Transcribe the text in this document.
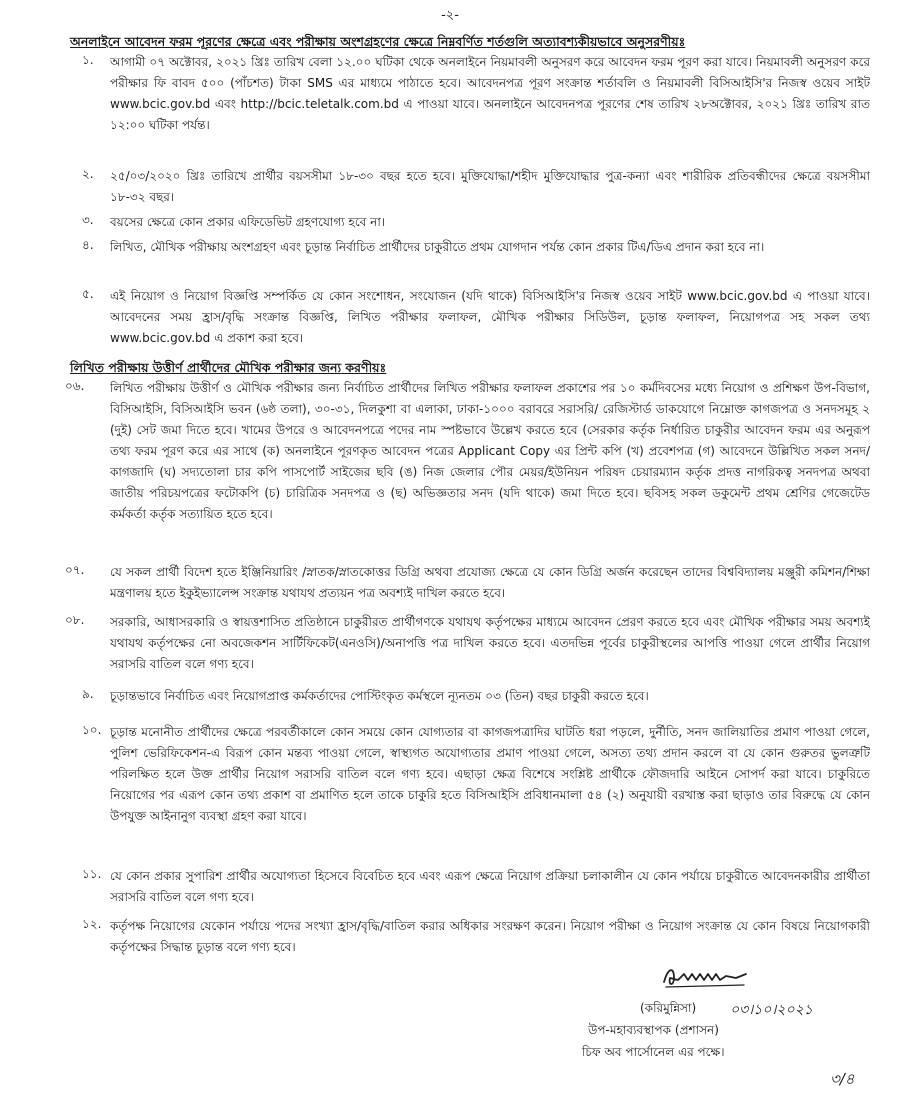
-২-
অনলাইনে আবেদন ফরম পূরণের ক্ষেত্রে এবং পরীক্ষায় অংশগ্রহণের ক্ষেত্রে নিম্নবর্ণিত শর্তগুলি অত্যাবশ্যকীয়ভাবে অনুসরণীয়ঃ
১. আগামী ০৭ অক্টোবর, ২০২১ খ্রিঃ তারিখ বেলা ১২.০০ ঘটিকা থেকে অনলাইনে নিয়মাবলী অনুসরণ করে আবেদন ফরম পূরণ করা যাবে। নিয়মাবলী অনুসরণ করে পরীক্ষার ফি বাবদ ৫০০ (পাঁচশত) টাকা SMS এর মাধ্যমে পাঠাতে হবে। আবেদনপত্র পূরণ সংক্রান্ত শর্তাবলি ও নিয়মাবলী বিসিআইসি'র নিজস্ব ওয়েব সাইট www.bcic.gov.bd এবং http://bcic.teletalk.com.bd এ পাওয়া যাবে। অনলাইনে আবেদনপত্র পূরণের শেষ তারিখ ২৮অক্টোবর, ২০২১ খ্রিঃ তারিখ রাত ১২:০০ ঘটিকা পর্যন্ত।
২. ২৫/০৩/২০২০ খ্রিঃ তারিখে প্রার্থীর বয়সসীমা ১৮-৩০ বছর হতে হবে। মুক্তিযোদ্ধা/শহীদ মুক্তিযোদ্ধার পুত্র-কন্যা এবং শারীরিক প্রতিবন্ধীদের ক্ষেত্রে বয়সসীমা ১৮-৩২ বছর।
৩. বয়সের ক্ষেত্রে কোন প্রকার এফিডেভিট গ্রহণযোগ্য হবে না।
৪. লিখিত, মৌখিক পরীক্ষায় অংশগ্রহণ এবং চূড়ান্ত নির্বাচিত প্রার্থীদের চাকুরীতে প্রথম যোগদান পর্যন্ত কোন প্রকার টিএ/ডিএ প্রদান করা হবে না।
৫. এই নিয়োগ ও নিয়োগ বিজ্ঞপ্তি সম্পর্কিত যে কোন সংশোধন, সংযোজন (যদি থাকে) বিসিআইসি'র নিজস্ব ওয়েব সাইট www.bcic.gov.bd এ পাওয়া যাবে। আবেদনের সময় হ্রাস/বৃদ্ধি সংক্রান্ত বিজ্ঞপ্তি, লিখিত পরীক্ষার ফলাফল, মৌখিক পরীক্ষার সিডিউল, চূড়ান্ত ফলাফল, নিয়োগপত্র সহ সকল তথ্য www.bcic.gov.bd এ প্রকাশ করা হবে।
লিখিত পরীক্ষায় উত্তীর্ণ প্রার্থীদের মৌখিক পরীক্ষার জন্য করণীয়ঃ
০৬. লিখিত পরীক্ষায় উত্তীর্ণ ও মৌখিক পরীক্ষার জন্য নির্বাচিত প্রার্থীদের লিখিত পরীক্ষার ফলাফল প্রকাশের পর ১০ কর্মদিবসের মধ্যে নিয়োগ ও প্রশিক্ষণ উপ-বিভাগ, বিসিআইসি, বিসিআইসি ভবন (৬ষ্ঠ তলা), ৩০-৩১, দিলকুশা বা এলাকা, ঢাকা-১০০০ বরাবরে সরাসরি/ রেজিস্টার্ড ডাকযোগে নিম্নোক্ত কাগজপত্র ও সনদসমূহ ২ (দুই) সেট জমা দিতে হবে। খামের উপরে ও আবেদনপত্রে পদের নাম স্পষ্টভাবে উল্লেখ করতে হবে (সেরকার কর্তৃক নির্ধারিত চাকুরীর আবেদন ফরম এর অনুরূপ তথ্য ফরম পূরণ করে এর সাথে (ক) অনলাইনে পূরণকৃত আবেদন পত্রের Applicant Copy এর প্রিন্ট কপি (খ) প্রবেশপত্র (গ) আবেদনে উল্লিখিত সকল সনদ/কাগজাদি (ঘ) সদ্যতোলা চার কপি পাসপোর্ট সাইজের ছবি (ঙ) নিজ জেলার পৌর মেয়র/ইউনিয়ন পরিষদ চেয়ারম্যান কর্তৃক প্রদত্ত নাগরিকত্ব সনদপত্র অথবা জাতীয় পরিচয়পত্রের ফটোকপি (চ) চারিত্রিক সনদপত্র ও (ছ) অভিজ্ঞতার সনদ (যদি থাকে) জমা দিতে হবে। ছবিসহ সকল ডকুমেন্ট প্রথম শ্রেণির গেজেটেড কর্মকর্তা কর্তৃক সত্যায়িত হতে হবে।
০৭. যে সকল প্রার্থী বিদেশ হতে ইঞ্জিনিয়ারিং /স্নাতক/স্নাতকোত্তর ডিগ্রি অথবা প্রযোজ্য ক্ষেত্রে যে কোন ডিগ্রি অর্জন করেছেন তাদের বিশ্ববিদ্যালয় মঞ্জুরী কমিশন/শিক্ষা মন্ত্রণালয় হতে ইকুইভ্যালেন্স সংক্রান্ত যথাযথ প্রত্যয়ন পত্র অবশ্যই দাখিল করতে হবে।
০৮. সরকারি, আধাসরকারি ও স্বায়ত্তশাসিত প্রতিষ্ঠানে চাকুরীরত প্রার্থীগণকে যথাযথ কর্তৃপক্ষের মাধ্যমে আবেদন প্রেরণ করতে হবে এবং মৌখিক পরীক্ষার সময় অবশ্যই যথাযথ কর্তৃপক্ষের নো অবজেকশন সার্টিফিকেট(এনওসি)/অনাপত্তি পত্র দাখিল করতে হবে। এতদভিন্ন পূর্বের চাকুরীস্থলের আপত্তি পাওয়া গেলে প্রার্থীর নিয়োগ সরাসরি বাতিল বলে গণ্য হবে।
৯. চূড়ান্তভাবে নির্বাচিত এবং নিয়োগপ্রাপ্ত কর্মকর্তাদের পোস্টিংকৃত কর্মস্থলে ন্যূনতম ০৩ (তিন) বছর চাকুরী করতে হবে।
১০. চূড়ান্ত মনোনীত প্রার্থীদের ক্ষেত্রে পরবর্তীকালে কোন সময়ে কোন যোগ্যতার বা কাগজপত্রাদির ঘাটতি ধরা পড়লে, দুর্নীতি, সনদ জালিয়াতির প্রমাণ পাওয়া গেলে, পুলিশ ভেরিফিকেশন-এ বিরূপ কোন মন্তব্য পাওয়া গেলে, স্বাস্থ্যগত অযোগ্যতার প্রমাণ পাওয়া গেলে, অসত্য তথ্য প্রদান করলে বা যে কোন গুরুতর ভুলত্রুটি পরিলক্ষিত হলে উক্ত প্রার্থীর নিয়োগ সরাসরি বাতিল বলে গণ্য হবে। এছাড়া ক্ষেত্র বিশেষে সংশ্লিষ্ট প্রার্থীকে ফৌজদারি আইনে সোপর্দ করা যাবে। চাকুরিতে নিয়োগের পর এরূপ কোন তথ্য প্রকাশ বা প্রমাণিত হলে তাকে চাকুরি হতে বিসিআইসি প্রবিধানমালা ৫৪ (২) অনুযায়ী বরখাস্ত করা ছাড়াও তার বিরুদ্ধে যে কোন উপযুক্ত আইনানুগ ব্যবস্থা গ্রহণ করা যাবে।
১১. যে কোন প্রকার সুপারিশ প্রার্থীর অযোগ্যতা হিসেবে বিবেচিত হবে এবং এরূপ ক্ষেত্রে নিয়োগ প্রক্রিয়া চলাকালীন যে কোন পর্যায়ে চাকুরীতে আবেদনকারীর প্রার্থীতা সরাসরি বাতিল বলে গণ্য হবে।
১২. কর্তৃপক্ষ নিয়োগের যেকোন পর্যায়ে পদের সংখ্যা হ্রাস/বৃদ্ধি/বাতিল করার অধিকার সংরক্ষণ করেন। নিয়োগ পরীক্ষা ও নিয়োগ সংক্রান্ত যে কোন বিষয়ে নিয়োগকারী কর্তৃপক্ষের সিদ্ধান্ত চূড়ান্ত বলে গণ্য হবে।
(করিমুন্নিসা) ০৩।১০।২০২১
উপ-মহাব্যবস্থাপক (প্রশাসন)
চিফ অব পার্সোনেল এর পক্ষে।
৩/৪
